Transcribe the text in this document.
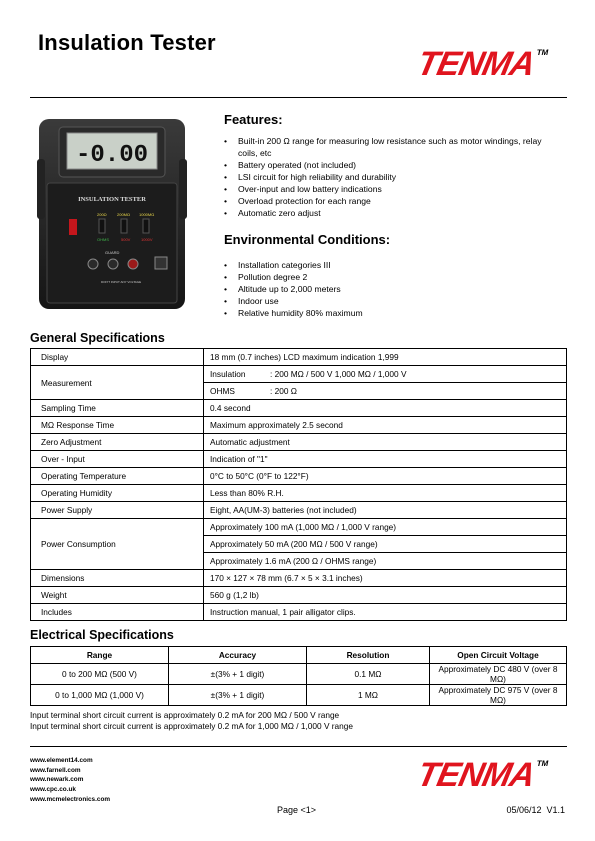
Insulation Tester
TENMA
TM
-0.00
INSULATION TESTER
200Ω	200MΩ 1000MΩ
OHMS	500V	1000V
GUARD
DON'T INPUT ANY VOLTAGE
Features:
• Built-in 200 Ω range for measuring low resistance such as motor windings, relay coils, etc
• Battery operated (not included)
• LSI circuit for high reliability and durability
• Over-input and low battery indications
• Overload protection for each range
• Automatic zero adjust
Environmental Conditions:
• Installation categories III
• Pollution degree 2
• Altitude up to 2,000 meters
• Indoor use
• Relative humidity 80% maximum
General Specifications
Display	18 mm (0.7 inches) LCD maximum indication 1,999
Measurement	Insulation : 200 MΩ / 500 V 1,000 MΩ / 1,000 V

	OHMS : 200 Ω

Sampling Time	0.4 second
MΩ Response Time	Maximum approximately 2.5 second
Zero Adjustment	Automatic adjustment
Over - Input	Indication of "1"
Operating Temperature	0°C to 50°C (0°F to 122°F)
Operating Humidity	Less than 80% R.H.
Power Supply	Eight, AA(UM-3) batteries (not included)
Power Consumption	Approximately 100 mA (1,000 MΩ / 1,000 V range)
	Approximately 50 mA (200 MΩ / 500 V range)
	Approximately 1.6 mA (200 Ω / OHMS range)
Dimensions	170 × 127 × 78 mm (6.7 × 5 × 3.1 inches)
Weight	560 g (1,2 lb)
Includes	Instruction manual, 1 pair alligator clips.
Electrical Specifications
Range	Accuracy	Resolution	Open Circuit Voltage
0 to 200 MΩ (500 V)	±(3% + 1 digit)	0.1 MΩ	Approximately DC 480 V (over 8 MΩ)
0 to 1,000 MΩ (1,000 V)	±(3% + 1 digit)	1 MΩ	Approximately DC 975 V (over 8 MΩ)
Input terminal short circuit current is approximately 0.2 mA for 200 MΩ / 500 V range
Input terminal short circuit current is approximately 0.2 mA for 1,000 MΩ / 1,000 V range
www.element14.com
www.farnell.com
www.newark.com
www.cpc.co.uk
www.mcmelectronics.com
TENMA
TM
Page <1>	05/06/12  V1.1
